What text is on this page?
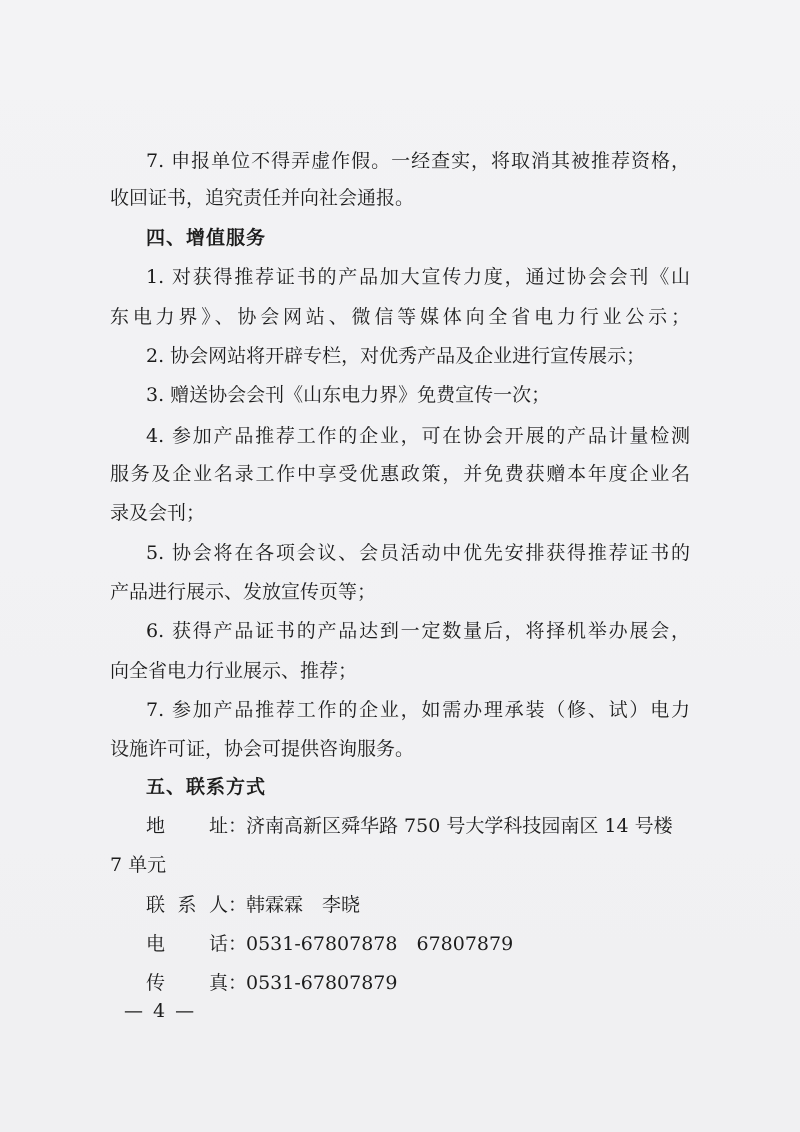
7. 申报单位不得弄虚作假。一经查实，将取消其被推荐资格，
收回证书，追究责任并向社会通报。
四、增值服务
1. 对获得推荐证书的产品加大宣传力度，通过协会会刊《山
东电力界》、协会网站、微信等媒体向全省电力行业公示；
2. 协会网站将开辟专栏，对优秀产品及企业进行宣传展示；
3. 赠送协会会刊《山东电力界》免费宣传一次；
4. 参加产品推荐工作的企业，可在协会开展的产品计量检测
服务及企业名录工作中享受优惠政策，并免费获赠本年度企业名
录及会刊；
5. 协会将在各项会议、会员活动中优先安排获得推荐证书的
产品进行展示、发放宣传页等；
6. 获得产品证书的产品达到一定数量后，将择机举办展会，
向全省电力行业展示、推荐；
7. 参加产品推荐工作的企业，如需办理承装（修、试）电力
设施许可证，协会可提供咨询服务。
五、联系方式
地址：济南高新区舜华路 750 号大学科技园南区 14 号楼
7 单元
联系人：韩霖霖　李晓
电话：0531-67807878　67807879
传真：0531-67807879
— 4 —
